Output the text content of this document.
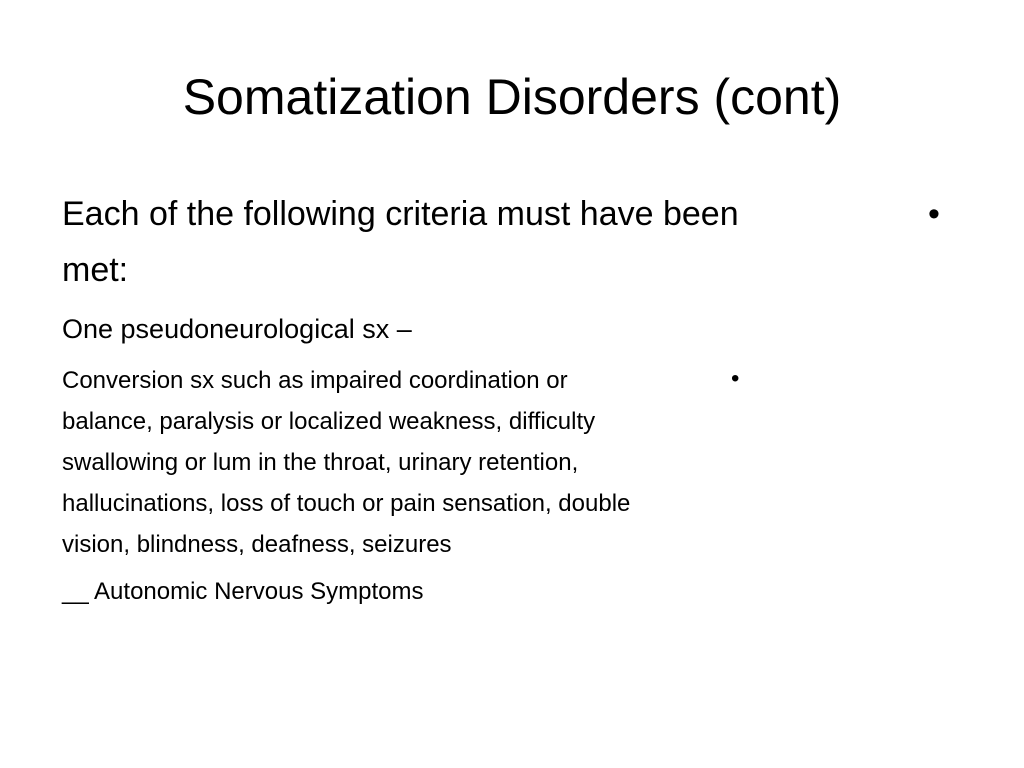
Somatization Disorders (cont)
Each of the following criteria must have been	•
met:
One pseudoneurological sx –
Conversion sx such as impaired coordination or	•
balance, paralysis or localized weakness, difficulty
swallowing or lum in the throat, urinary retention,
hallucinations, loss of touch or pain sensation, double
vision, blindness, deafness, seizures
__ Autonomic Nervous Symptoms
